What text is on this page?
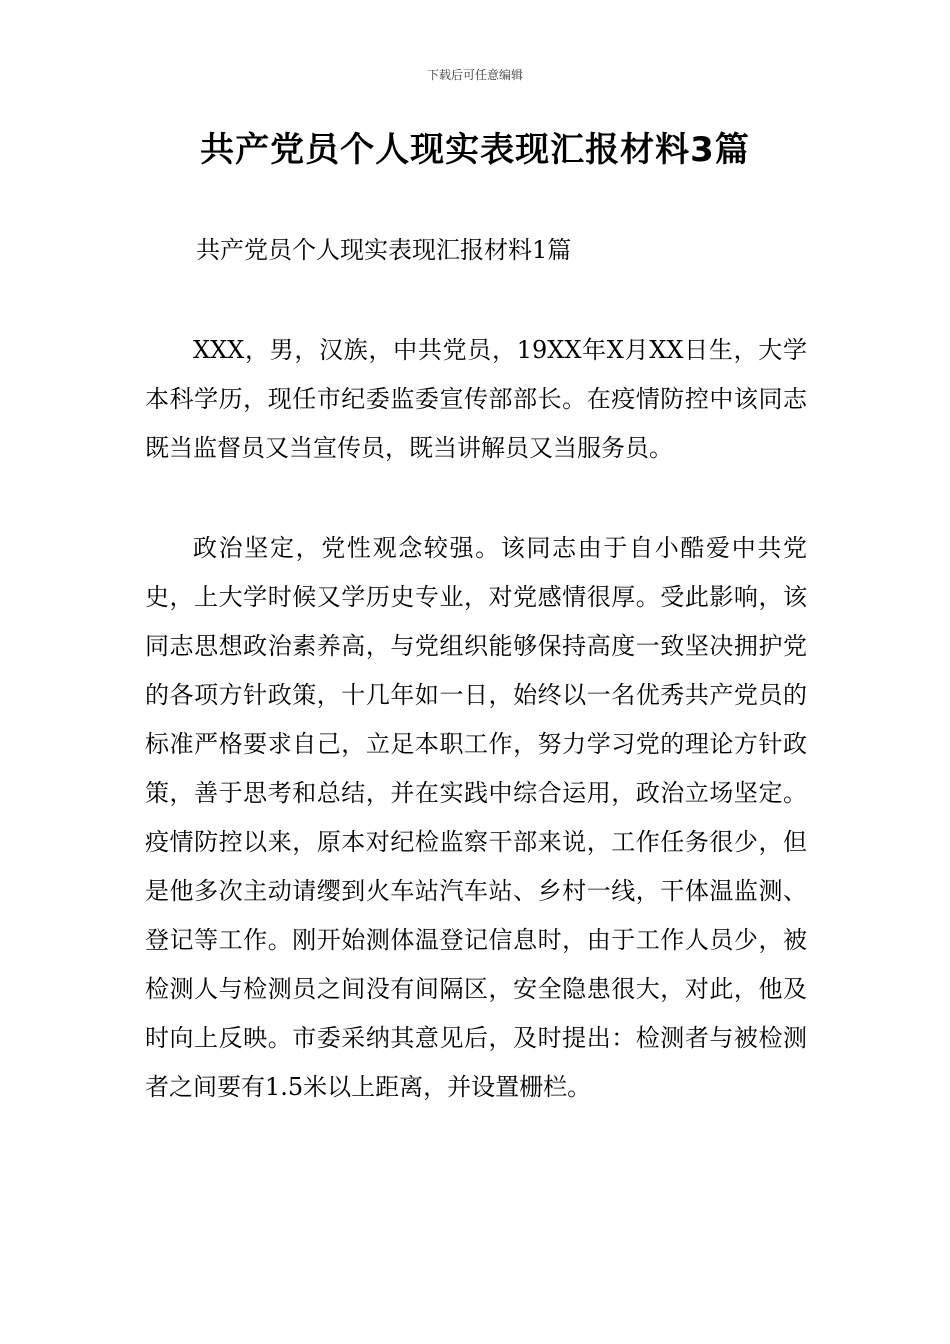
下载后可任意编辑
共产党员个人现实表现汇报材料3篇
共产党员个人现实表现汇报材料1篇

XXX，男，汉族，中共党员，19XX年X月XX日生，大学本科学历，现任市纪委监委宣传部部长。在疫情防控中该同志既当监督员又当宣传员，既当讲解员又当服务员。

政治坚定，党性观念较强。该同志由于自小酷爱中共党史，上大学时候又学历史专业，对党感情很厚。受此影响，该同志思想政治素养高，与党组织能够保持高度一致坚决拥护党的各项方针政策，十几年如一日，始终以一名优秀共产党员的标准严格要求自己，立足本职工作，努力学习党的理论方针政策，善于思考和总结，并在实践中综合运用，政治立场坚定。疫情防控以来，原本对纪检监察干部来说，工作任务很少，但是他多次主动请缨到火车站汽车站、乡村一线，干体温监测、登记等工作。刚开始测体温登记信息时，由于工作人员少，被检测人与检测员之间没有间隔区，安全隐患很大，对此，他及时向上反映。市委采纳其意见后，及时提出：检测者与被检测者之间要有1.5米以上距离，并设置栅栏。
